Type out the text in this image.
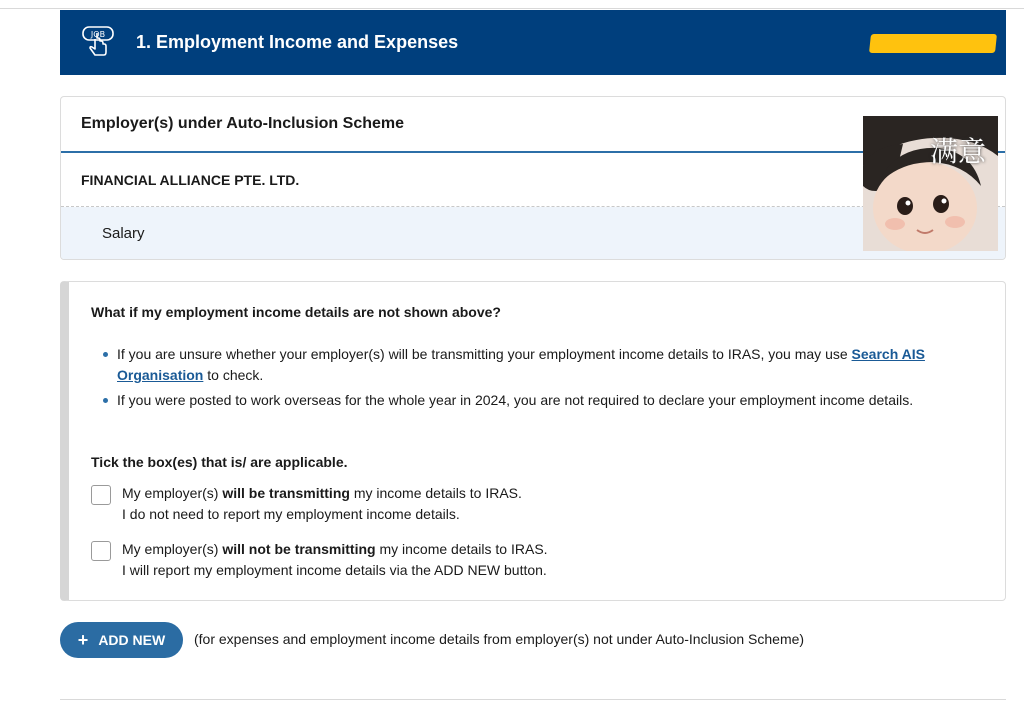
JOB 1. Employment Income and Expenses
Employer(s) under Auto-Inclusion Scheme
FINANCIAL ALLIANCE PTE. LTD.
Salary
满意
What if my employment income details are not shown above?
If you are unsure whether your employer(s) will be transmitting your employment income details to IRAS, you may use Search AIS Organisation to check.
If you were posted to work overseas for the whole year in 2024, you are not required to declare your employment income details.
Tick the box(es) that is/ are applicable.
My employer(s) will be transmitting my income details to IRAS.
I do not need to report my employment income details.
My employer(s) will not be transmitting my income details to IRAS.
I will report my employment income details via the ADD NEW button.
+ ADD NEW (for expenses and employment income details from employer(s) not under Auto-Inclusion Scheme)
